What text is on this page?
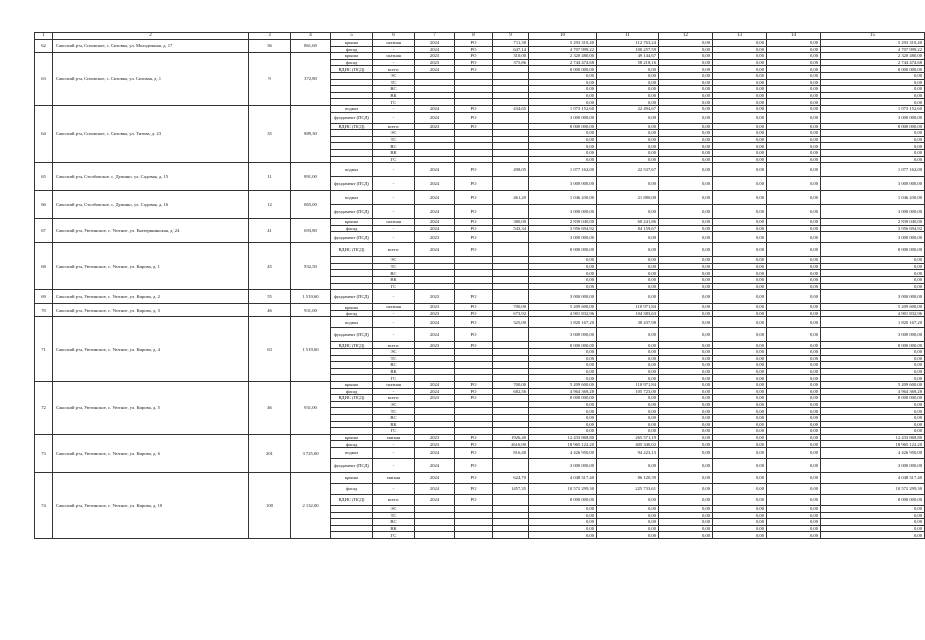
1	2	3	4	5	6	7	8	9	10	11	12	13	14	15
62	Саксский р-н, Сизовское, с. Сизовка, ул. Молодежная, д. 17	36	861,60	крыша	скатная	2024	РО	711,30	5 293 310,40	112 763,24	0,00	0,00	0,00	5 293 310,40
				фасад	-	2024	РО	647,14	4 707 999,22	100 257,59	0,00	0,00	0,00	4 707 999,22
63	Саксский р-н, Сизовское, с. Сизовка, ул. Сизовая, д. 1	9	372,80	крыша	скатная	2023	РО	310,00	2 320 480,00	49 144,67	0,00	0,00	0,00	2 320 480,00
				фасад	-	2023	РО	375,86	2 744 474,68	58 218,16	0,00	0,00	0,00	2 744 474,68
				ВДИС (ПСД)	всего:	2024	РО		8 000 000,00	0,00	0,00	0,00	0,00	8 000 000,00
					ЭС				0,00	0,00	0,00	0,00	0,00	0,00
					ТС				0,00	0,00	0,00	0,00	0,00	0,00
					ВС				0,00	0,00	0,00	0,00	0,00	0,00
					ВК				0,00	0,00	0,00	0,00	0,00	0,00
					ГС				0,00	0,00	0,00	0,00	0,00	0,00
64	Саксский р-н, Сизовское, с. Сизовка, ул. Титова, д. 23	35	889,30	подвал	-	2024	РО	434,65	1 073 152,60	22 494,67	0,00	0,00	0,00	1 073 152,60
				фундамент (ПСД)	-	2024	РО		3 000 000,00	0,00	0,00	0,00	0,00	3 000 000,00
				ВДИС (ПСД)	всего:	2023	РО		8 000 000,00	0,00	0,00	0,00	0,00	8 000 000,00
					ЭС				0,00	0,00	0,00	0,00	0,00	0,00
					ТС				0,00	0,00	0,00	0,00	0,00	0,00
					ВС				0,00	0,00	0,00	0,00	0,00	0,00
					ВК				0,00	0,00	0,00	0,00	0,00	0,00
					ГС				0,00	0,00	0,00	0,00	0,00	0,00
65	Саксский р-н, Столбовское, с. Душино, ул. Садовая, д. 15	11	891,00	подвал	-	2024	РО	498,05	1 077 162,00	22 537,67	0,00	0,00	0,00	1 077 162,00
				фундамент (ПСД)	-	2024	РО		3 000 000,00	0,00	0,00	0,00	0,00	3 000 000,00
66	Саксский р-н, Столбовское, с. Душино, ул. Садовая, д. 16	12	865,00	подвал	-	2024	РО	461,20	1 046 430,00	21 880,00	0,00	0,00	0,00	1 046 430,00
				фундамент (ПСД)	-	2024	РО		3 000 000,00	0,00	0,00	0,00	0,00	3 000 000,00
67	Саксский р-н, Уютинское, с. Уютное, ул. Екатерининская, д. 24	41	693,80	крыша	скатная	2024	РО	380,00	2 839 040,00	60 241,86	0,00	0,00	0,00	2 839 040,00
				фасад	-	2024	РО	543,34	3 956 694,92	84 159,67	0,00	0,00	0,00	3 956 694,92
				фундамент (ПСД)	-	2023	РО		3 000 000,00	0,00	0,00	0,00	0,00	3 000 000,00
68	Саксский р-н, Уютинское, с. Уютное, ул. Кирова, д. 1	45	932,50	ВДИС (ПСД)	всего:	2024	РО		8 000 000,00	0,00	0,00	0,00	0,00	8 000 000,00
					ЭС				0,00	0,00	0,00	0,00	0,00	0,00
					ТС				0,00	0,00	0,00	0,00	0,00	0,00
					ВС				0,00	0,00	0,00	0,00	0,00	0,00
					ВК				0,00	0,00	0,00	0,00	0,00	0,00
					ГС				0,00	0,00	0,00	0,00	0,00	0,00
69	Саксский р-н, Уютинское, с. Уютное, ул. Кирова, д. 2	55	1 519,60	фундамент (ПСД)	-	2023	РО		3 000 000,00	0,00	0,00	0,00	0,00	3 000 000,00
70	Саксский р-н, Уютинское, с. Уютное, ул. Кирова, д. 3	46	931,00	крыша	скатная	2023	РО	700,00	5 209 600,00	110 971,84	0,00	0,00	0,00	5 209 600,00
				фасад	-	2023	РО	673,92	4 901 832,96	104 383,63	0,00	0,00	0,00	4 901 832,96
71	Саксский р-н, Уютинское, с. Уютное, ул. Кирова, д. 4	63	1 519,60	подвал	-	2024	РО	325,00	1 820 167,20	38 437,98	0,00	0,00	0,00	1 820 167,20
				фундамент (ПСД)	-	2024	РО		3 000 000,00	0,00	0,00	0,00	0,00	3 000 000,00
				ВДИС (ПСД)	всего:	2023	РО		8 000 000,00	0,00	0,00	0,00	0,00	8 000 000,00
					ЭС				0,00	0,00	0,00	0,00	0,00	0,00
					ТС				0,00	0,00	0,00	0,00	0,00	0,00
					ВС				0,00	0,00	0,00	0,00	0,00	0,00
					ВК				0,00	0,00	0,00	0,00	0,00	0,00
					ГС				0,00	0,00	0,00	0,00	0,00	0,00
72	Саксский р-н, Уютинское, с. Уютное, ул. Кирова, д. 5	46	931,00	крыша	скатная	2024	РО	700,00	5 209 600,00	110 971,84	0,00	0,00	0,00	5 209 600,00
				фасад	-	2024	РО	682,56	4 964 369,28	105 723,00	0,00	0,00	0,00	4 964 369,28
				ВДИС (ПСД)	всего:	2023	РО		8 000 000,00	0,00	0,00	0,00	0,00	8 000 000,00
					ЭС				0,00	0,00	0,00	0,00	0,00	0,00
					ТС				0,00	0,00	0,00	0,00	0,00	0,00
					ВС				0,00	0,00	0,00	0,00	0,00	0,00
					ВК				0,00	0,00	0,00	0,00	0,00	0,00
					ГС				0,00	0,00	0,00	0,00	0,00	0,00
73	Саксский р-н, Уютинское, с. Уютное, ул. Кирова, д. 6	201	3 725,00	крыша	мягкая	2023	РО	1926,40	12 433 868,80	265 571,19	0,00	0,00	0,00	12 433 868,80
				фасад	-	2023	РО	2616,90	18 965 122,20	405 340,02	0,00	0,00	0,00	18 965 122,20
				подвал	-	2024	РО	816,40	4 426 950,00	94 223,13	0,00	0,00	0,00	4 426 950,00
				фундамент (ПСД)	-	2024	РО		3 000 000,00	0,00	0,00	0,00	0,00	3 000 000,00
74	Саксский р-н, Уютинское, с. Уютное, ул. Кирова, д. 10	100	2 132,00	крыша	мягкая	2024	РО	624,70	4 048 317,40	86 120,39	0,00	0,00	0,00	4 048 317,40
				фасад	-	2024	РО	1457,35	10 572 299,30	225 733,61	0,00	0,00	0,00	10 572 299,30
				ВДИС (ПСД)	всего:	2024	РО		8 000 000,00	0,00	0,00	0,00	0,00	8 000 000,00
					ЭС				0,00	0,00	0,00	0,00	0,00	0,00
					ТС				0,00	0,00	0,00	0,00	0,00	0,00
					ВС				0,00	0,00	0,00	0,00	0,00	0,00
					ВК				0,00	0,00	0,00	0,00	0,00	0,00
					ГС				0,00	0,00	0,00	0,00	0,00	0,00
